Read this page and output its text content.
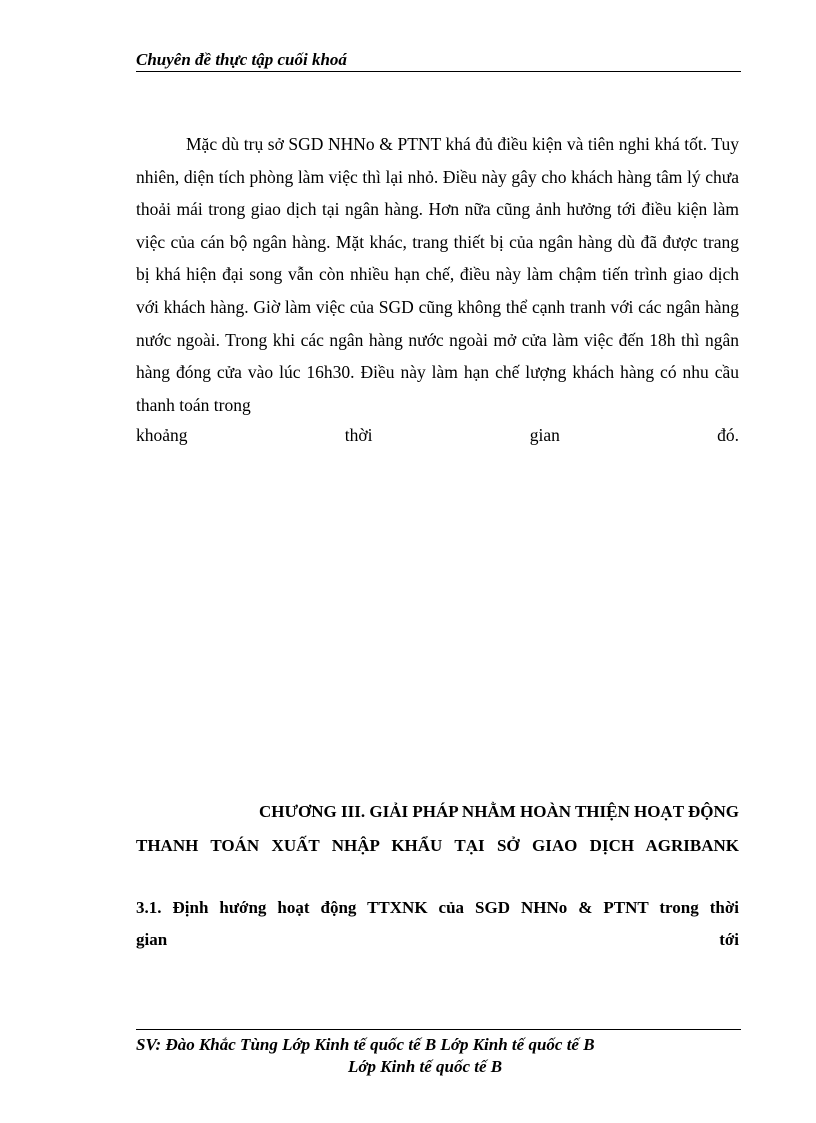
Chuyên đề thực tập cuối khoá

Mặc dù trụ sở SGD NHNo & PTNT khá đủ điều kiện và tiên nghi khá tốt. Tuy nhiên, diện tích phòng làm việc thì lại nhỏ. Điều này gây cho khách hàng tâm lý chưa thoải mái trong giao dịch tại ngân hàng. Hơn nữa cũng ảnh hưởng tới điều kiện làm việc của cán bộ ngân hàng. Mặt khác, trang thiết bị của ngân hàng dù đã được trang bị khá hiện đại song vẫn còn nhiều hạn chế, điều này làm chậm tiến trình giao dịch với khách hàng. Giờ làm việc của SGD cũng không thể cạnh tranh với các ngân hàng nước ngoài. Trong khi các ngân hàng nước ngoài mở cửa làm việc đến 18h thì ngân hàng đóng cửa vào lúc 16h30. Điều này làm hạn chế lượng khách hàng có nhu cầu thanh toán trong

khoảng	thời	gian	đó.

CHƯƠNG III. GIẢI PHÁP NHẰM HOÀN THIỆN HOẠT ĐỘNG
THANH TOÁN XUẤT NHẬP KHẨU TẠI SỞ GIAO DỊCH AGRIBANK
3.1. Định hướng hoạt động TTXNK của SGD NHNo & PTNT trong thời
gian	tới
SV: Đào Khắc Tùng Lớp Kinh tế quốc tế B Lớp Kinh tế quốc tế B
Lớp Kinh tế quốc tế B
